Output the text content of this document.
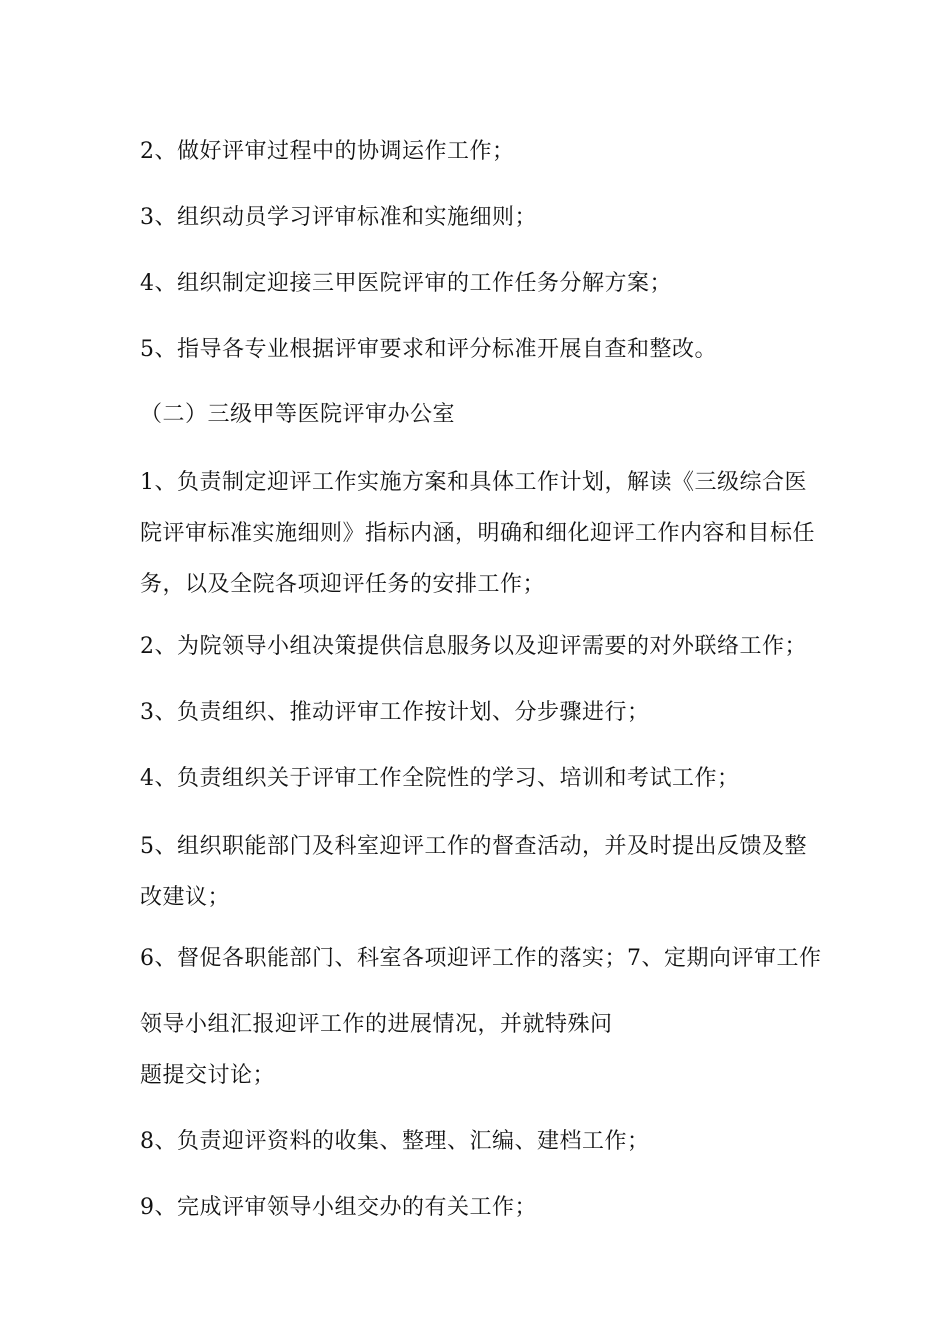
2、做好评审过程中的协调运作工作；
3、组织动员学习评审标准和实施细则；
4、组织制定迎接三甲医院评审的工作任务分解方案；
5、指导各专业根据评审要求和评分标准开展自查和整改。
（二）三级甲等医院评审办公室
1、负责制定迎评工作实施方案和具体工作计划，解读《三级综合医
院评审标准实施细则》指标内涵，明确和细化迎评工作内容和目标任
务，以及全院各项迎评任务的安排工作；
2、为院领导小组决策提供信息服务以及迎评需要的对外联络工作；
3、负责组织、推动评审工作按计划、分步骤进行；
4、负责组织关于评审工作全院性的学习、培训和考试工作；
5、组织职能部门及科室迎评工作的督查活动，并及时提出反馈及整
改建议；
6、督促各职能部门、科室各项迎评工作的落实；7、定期向评审工作
领导小组汇报迎评工作的进展情况，并就特殊问
题提交讨论；
8、负责迎评资料的收集、整理、汇编、建档工作；
9、完成评审领导小组交办的有关工作；
